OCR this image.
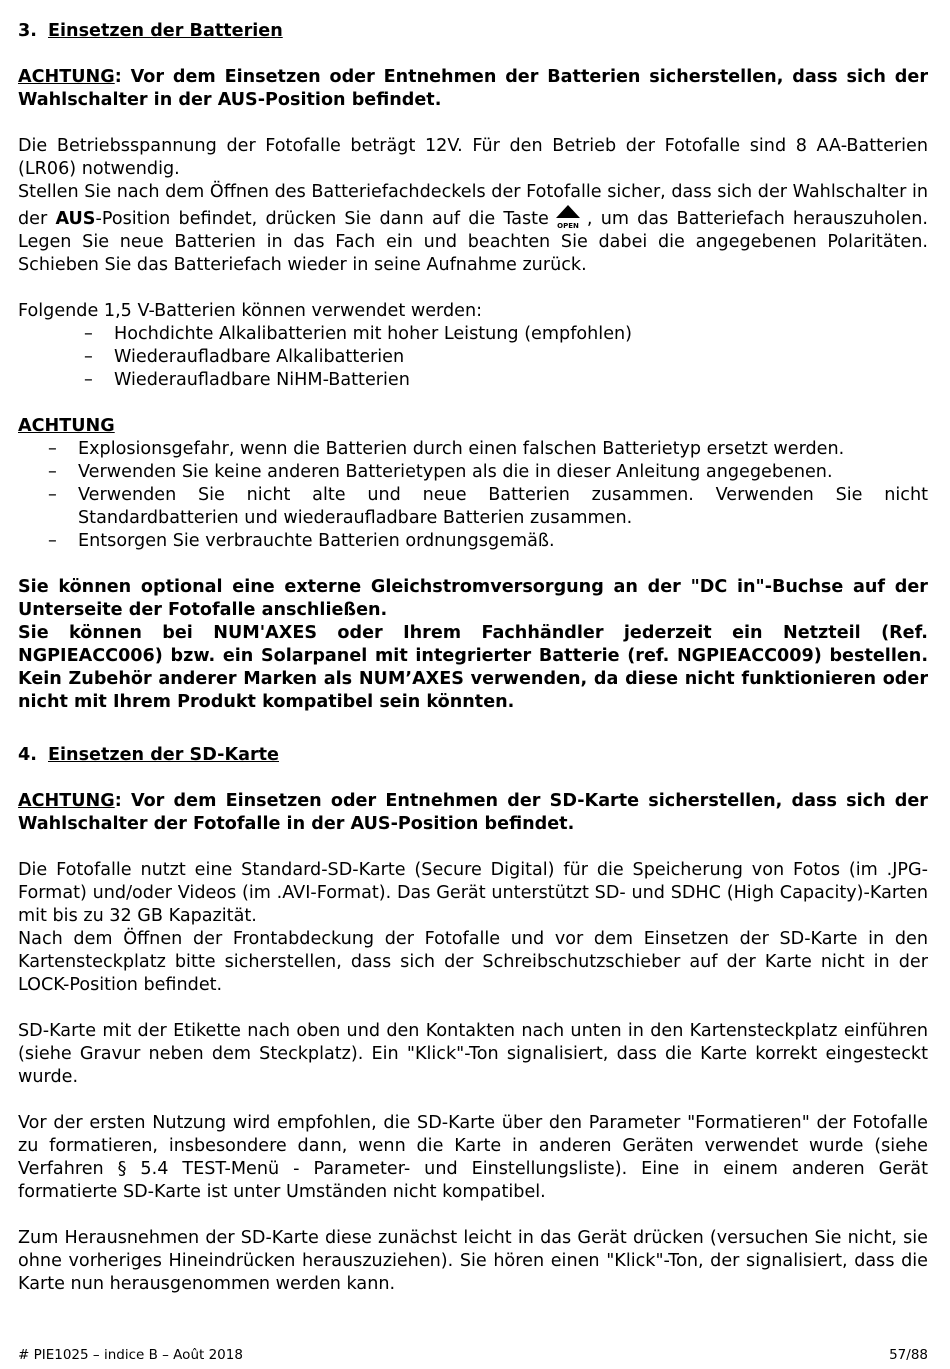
3. Einsetzen der Batterien

ACHTUNG: Vor dem Einsetzen oder Entnehmen der Batterien sicherstellen, dass sich der Wahlschalter in der AUS-Position befindet.

Die Betriebsspannung der Fotofalle beträgt 12V. Für den Betrieb der Fotofalle sind 8 AA-Batterien (LR06) notwendig.

Stellen Sie nach dem Öffnen des Batteriefachdeckels der Fotofalle sicher, dass sich der Wahlschalter in der AUS-Position befindet, drücken Sie dann auf die Taste OPEN , um das Batteriefach herauszuholen. Legen Sie neue Batterien in das Fach ein und beachten Sie dabei die angegebenen Polaritäten. Schieben Sie das Batteriefach wieder in seine Aufnahme zurück.

Folgende 1,5 V-Batterien können verwendet werden:

– Hochdichte Alkalibatterien mit hoher Leistung (empfohlen)
– Wiederaufladbare Alkalibatterien
– Wiederaufladbare NiHM-Batterien

ACHTUNG

– Explosionsgefahr, wenn die Batterien durch einen falschen Batterietyp ersetzt werden.
– Verwenden Sie keine anderen Batterietypen als die in dieser Anleitung angegebenen.
– Verwenden Sie nicht alte und neue Batterien zusammen. Verwenden Sie nicht Standardbatterien und wiederaufladbare Batterien zusammen.
– Entsorgen Sie verbrauchte Batterien ordnungsgemäß.

Sie können optional eine externe Gleichstromversorgung an der "DC in"-Buchse auf der Unterseite der Fotofalle anschließen.

Sie können bei NUM'AXES oder Ihrem Fachhändler jederzeit ein Netzteil (Ref. NGPIEACC006) bzw. ein Solarpanel mit integrierter Batterie (ref. NGPIEACC009) bestellen. Kein Zubehör anderer Marken als NUM’AXES verwenden, da diese nicht funktionieren oder nicht mit Ihrem Produkt kompatibel sein könnten.

4. Einsetzen der SD-Karte

ACHTUNG: Vor dem Einsetzen oder Entnehmen der SD-Karte sicherstellen, dass sich der Wahlschalter der Fotofalle in der AUS-Position befindet.

Die Fotofalle nutzt eine Standard-SD-Karte (Secure Digital) für die Speicherung von Fotos (im .JPG-Format) und/oder Videos (im .AVI-Format). Das Gerät unterstützt SD- und SDHC (High Capacity)-Karten mit bis zu 32 GB Kapazität.

Nach dem Öffnen der Frontabdeckung der Fotofalle und vor dem Einsetzen der SD-Karte in den Kartensteckplatz bitte sicherstellen, dass sich der Schreibschutzschieber auf der Karte nicht in der LOCK-Position befindet.

SD-Karte mit der Etikette nach oben und den Kontakten nach unten in den Kartensteckplatz einführen (siehe Gravur neben dem Steckplatz). Ein "Klick"-Ton signalisiert, dass die Karte korrekt eingesteckt wurde.

Vor der ersten Nutzung wird empfohlen, die SD-Karte über den Parameter "Formatieren" der Fotofalle zu formatieren, insbesondere dann, wenn die Karte in anderen Geräten verwendet wurde (siehe Verfahren § 5.4 TEST-Menü - Parameter- und Einstellungsliste). Eine in einem anderen Gerät formatierte SD-Karte ist unter Umständen nicht kompatibel.

Zum Herausnehmen der SD-Karte diese zunächst leicht in das Gerät drücken (versuchen Sie nicht, sie ohne vorheriges Hineindrücken herauszuziehen). Sie hören einen "Klick"-Ton, der signalisiert, dass die Karte nun herausgenommen werden kann.

# PIE1025 – indice B – Août 2018	57/88
